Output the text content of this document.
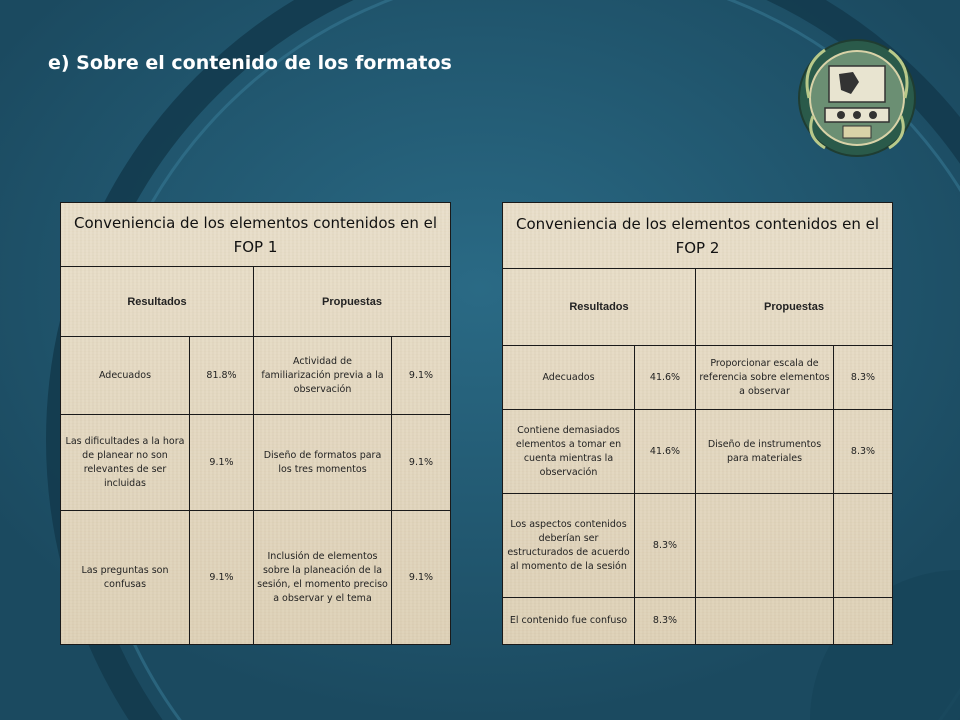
e) Sobre el contenido de los formatos
Conveniencia de los elementos contenidos en el FOP 1			
Resultados		Propuestas	
Adecuados	81.8%	Actividad de familiarización previa a la observación	9.1%
Las dificultades a la hora de planear no son relevantes de ser incluidas	9.1%	Diseño de formatos para los tres momentos	9.1%
Las preguntas son confusas	9.1%	Inclusión de elementos sobre la planeación de la sesión, el momento preciso a observar y el tema	9.1%
Conveniencia de los elementos contenidos en el FOP 2			
Resultados		Propuestas	
Adecuados	41.6%	Proporcionar escala de referencia sobre elementos a observar	8.3%
Contiene demasiados elementos a tomar en cuenta mientras la observación	41.6%	Diseño de instrumentos para materiales	8.3%
Los aspectos contenidos deberían ser estructurados de acuerdo al momento de la sesión	8.3%		
El contenido fue confuso	8.3%		
